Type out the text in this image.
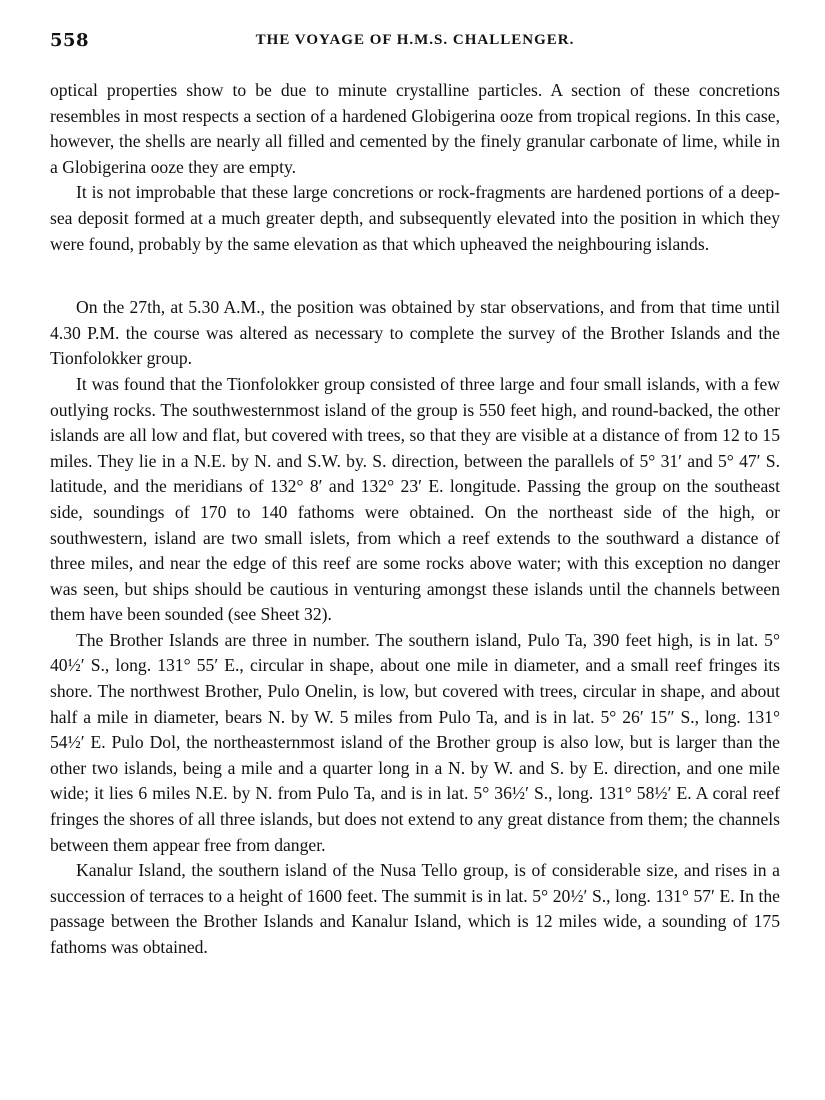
558	THE VOYAGE OF H.M.S. CHALLENGER.

optical properties show to be due to minute crystalline particles. A section of these concretions resembles in most respects a section of a hardened Globigerina ooze from tropical regions. In this case, however, the shells are nearly all filled and cemented by the finely granular carbonate of lime, while in a Globigerina ooze they are empty.

It is not improbable that these large concretions or rock-fragments are hardened portions of a deep-sea deposit formed at a much greater depth, and subsequently elevated into the position in which they were found, probably by the same elevation as that which upheaved the neighbouring islands.

On the 27th, at 5.30 A.M., the position was obtained by star observations, and from that time until 4.30 P.M. the course was altered as necessary to complete the survey of the Brother Islands and the Tionfolokker group.

It was found that the Tionfolokker group consisted of three large and four small islands, with a few outlying rocks. The southwesternmost island of the group is 550 feet high, and round-backed, the other islands are all low and flat, but covered with trees, so that they are visible at a distance of from 12 to 15 miles. They lie in a N.E. by N. and S.W. by. S. direction, between the parallels of 5° 31′ and 5° 47′ S. latitude, and the meridians of 132° 8′ and 132° 23′ E. longitude. Passing the group on the southeast side, soundings of 170 to 140 fathoms were obtained. On the northeast side of the high, or southwestern, island are two small islets, from which a reef extends to the southward a distance of three miles, and near the edge of this reef are some rocks above water; with this exception no danger was seen, but ships should be cautious in venturing amongst these islands until the channels between them have been sounded (see Sheet 32).

The Brother Islands are three in number. The southern island, Pulo Ta, 390 feet high, is in lat. 5° 40½′ S., long. 131° 55′ E., circular in shape, about one mile in diameter, and a small reef fringes its shore. The northwest Brother, Pulo Onelin, is low, but covered with trees, circular in shape, and about half a mile in diameter, bears N. by W. 5 miles from Pulo Ta, and is in lat. 5° 26′ 15″ S., long. 131° 54½′ E. Pulo Dol, the northeasternmost island of the Brother group is also low, but is larger than the other two islands, being a mile and a quarter long in a N. by W. and S. by E. direction, and one mile wide; it lies 6 miles N.E. by N. from Pulo Ta, and is in lat. 5° 36½′ S., long. 131° 58½′ E. A coral reef fringes the shores of all three islands, but does not extend to any great distance from them; the channels between them appear free from danger.

Kanalur Island, the southern island of the Nusa Tello group, is of considerable size, and rises in a succession of terraces to a height of 1600 feet. The summit is in lat. 5° 20½′ S., long. 131° 57′ E. In the passage between the Brother Islands and Kanalur Island, which is 12 miles wide, a sounding of 175 fathoms was obtained.
